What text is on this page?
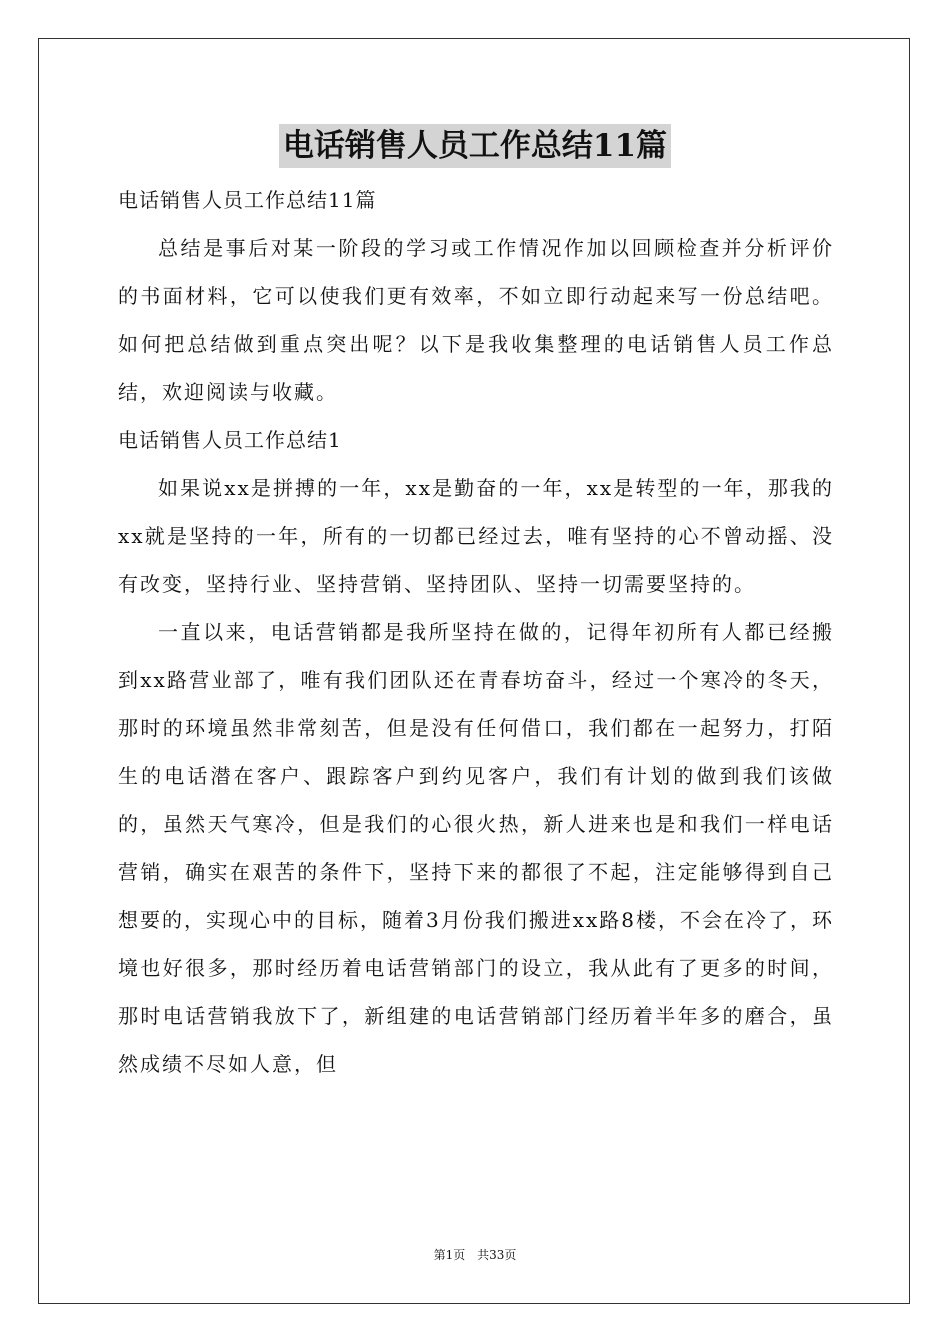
电话销售人员工作总结11篇

电话销售人员工作总结11篇

总结是事后对某一阶段的学习或工作情况作加以回顾检查并分析评价的书面材料，它可以使我们更有效率，不如立即行动起来写一份总结吧。如何把总结做到重点突出呢？以下是我收集整理的电话销售人员工作总结，欢迎阅读与收藏。

电话销售人员工作总结1

如果说xx是拼搏的一年，xx是勤奋的一年，xx是转型的一年，那我的xx就是坚持的一年，所有的一切都已经过去，唯有坚持的心不曾动摇、没有改变，坚持行业、坚持营销、坚持团队、坚持一切需要坚持的。

一直以来，电话营销都是我所坚持在做的，记得年初所有人都已经搬到xx路营业部了，唯有我们团队还在青春坊奋斗，经过一个寒冷的冬天，那时的环境虽然非常刻苦，但是没有任何借口，我们都在一起努力，打陌生的电话潜在客户、跟踪客户到约见客户，我们有计划的做到我们该做的，虽然天气寒冷，但是我们的心很火热，新人进来也是和我们一样电话营销，确实在艰苦的条件下，坚持下来的都很了不起，注定能够得到自己想要的，实现心中的目标，随着3月份我们搬进xx路8楼，不会在冷了，环境也好很多，那时经历着电话营销部门的设立，我从此有了更多的时间，那时电话营销我放下了，新组建的电话营销部门经历着半年多的磨合，虽然成绩不尽如人意，但

第1页 共33页
